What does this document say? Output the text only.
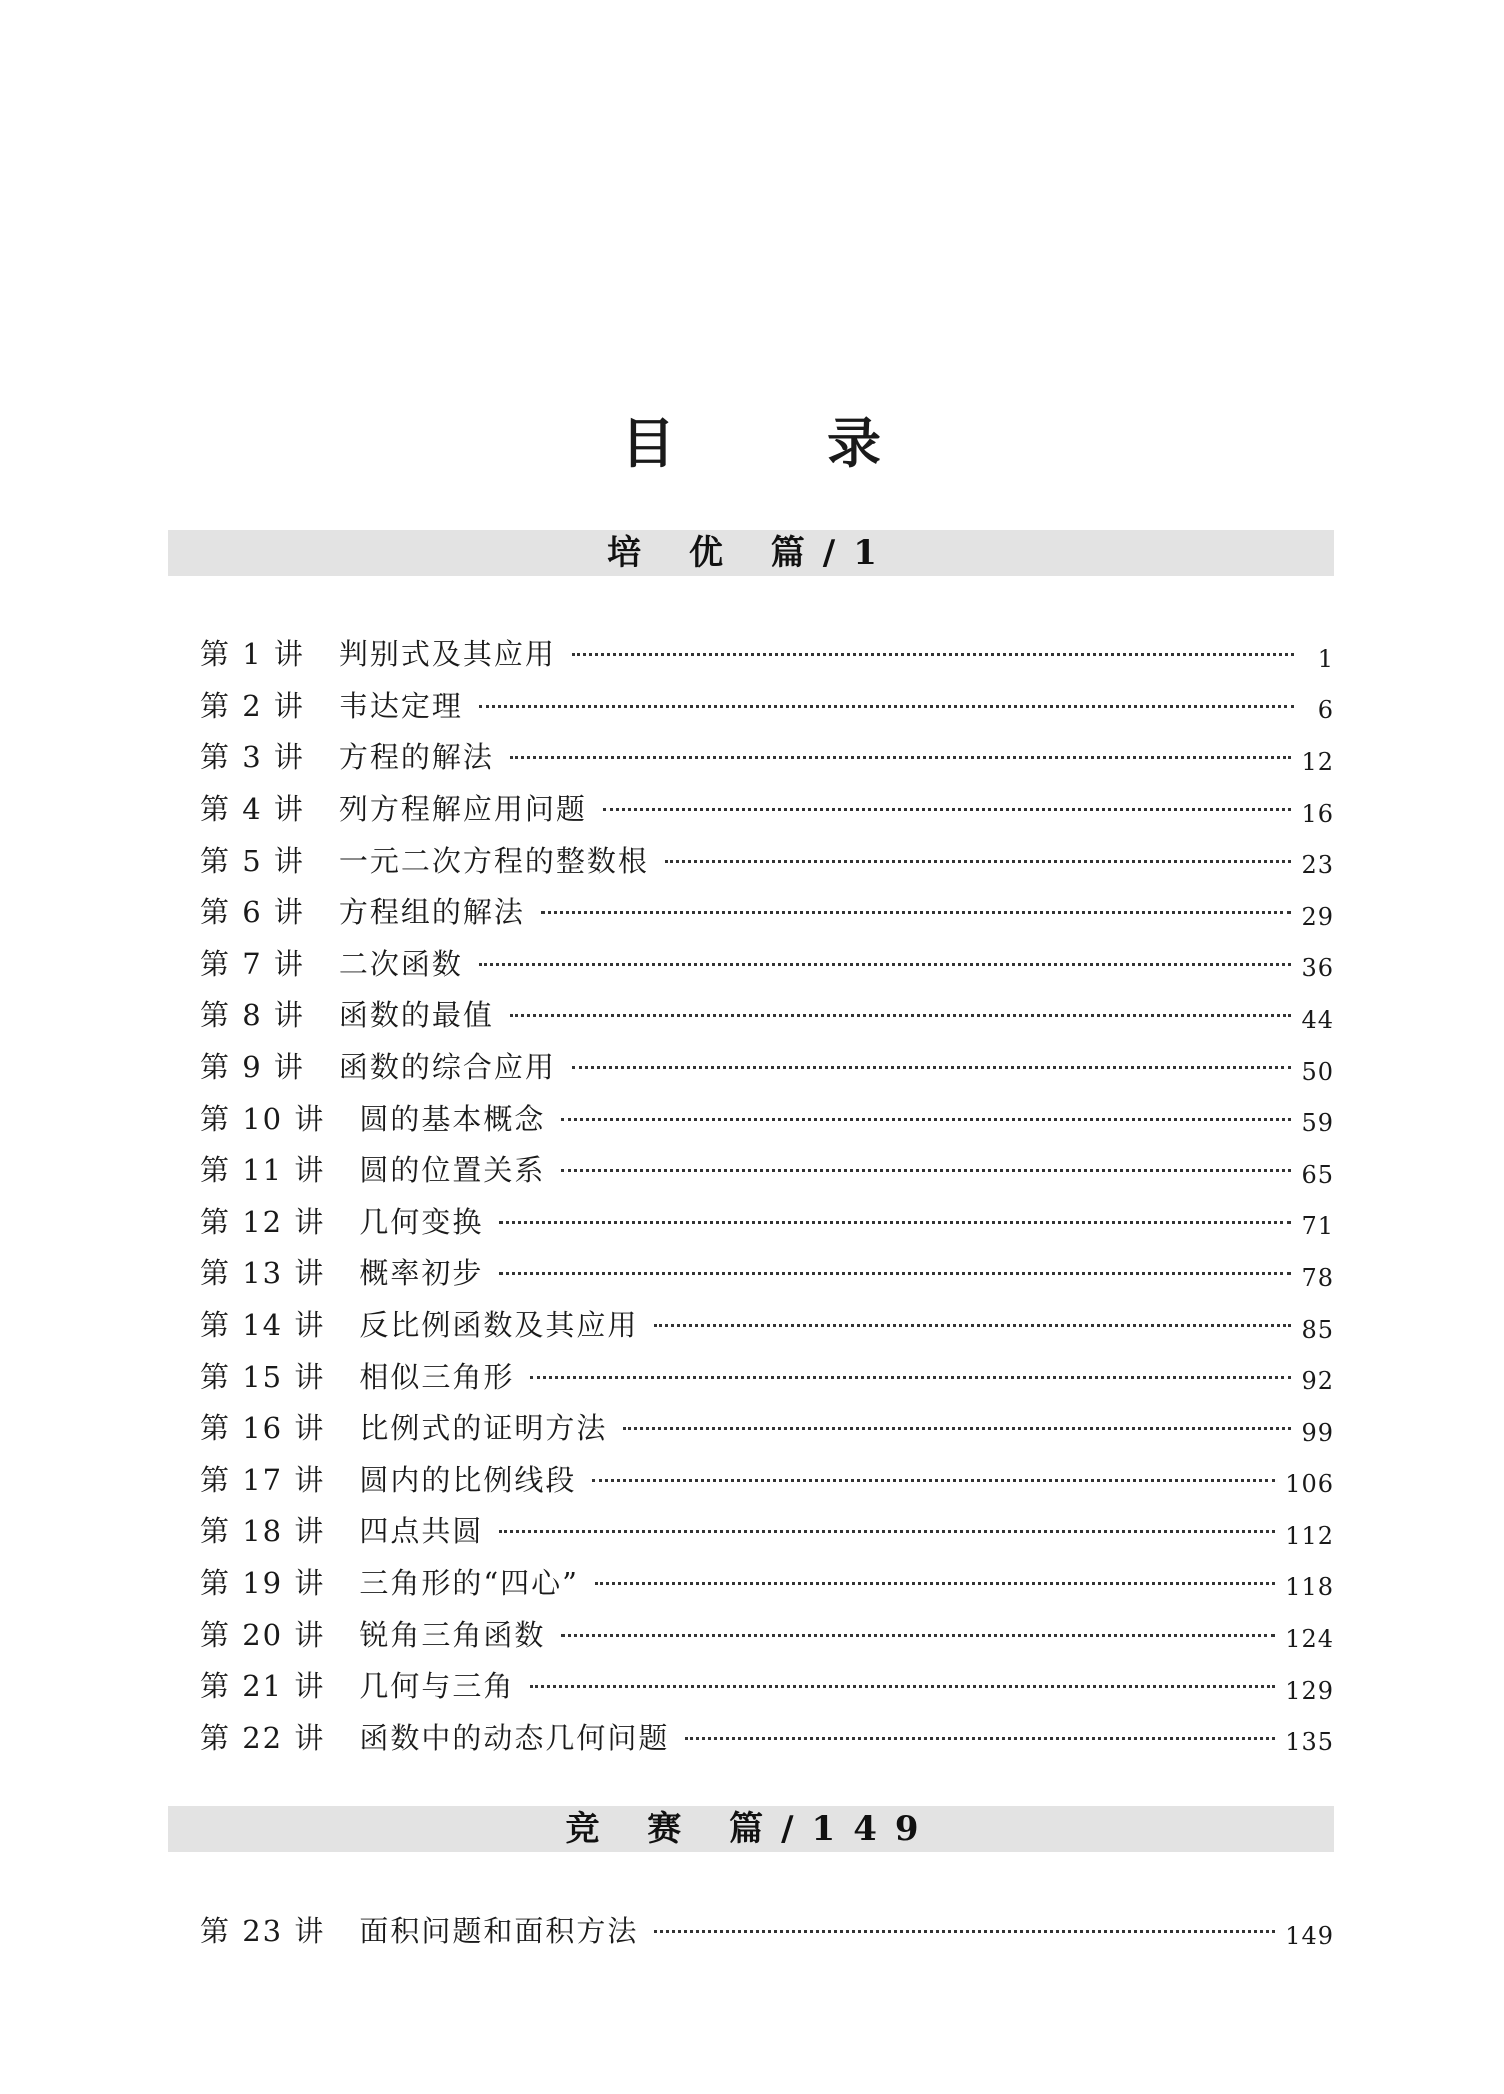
目	录
培 优 篇/1
第 1 讲 判别式及其应用	1
第 2 讲 韦达定理	6
第 3 讲 方程的解法	12
第 4 讲 列方程解应用问题	16
第 5 讲 一元二次方程的整数根	23
第 6 讲 方程组的解法	29
第 7 讲 二次函数	36
第 8 讲 函数的最值	44
第 9 讲 函数的综合应用	50
第 10 讲 圆的基本概念	59
第 11 讲 圆的位置关系	65
第 12 讲 几何变换	71
第 13 讲 概率初步	78
第 14 讲 反比例函数及其应用	85
第 15 讲 相似三角形	92
第 16 讲 比例式的证明方法	99
第 17 讲 圆内的比例线段	106
第 18 讲 四点共圆	112
第 19 讲 三角形的“四心”	118
第 20 讲 锐角三角函数	124
第 21 讲 几何与三角	129
第 22 讲 函数中的动态几何问题	135
竞 赛 篇/149
第 23 讲 面积问题和面积方法	149
